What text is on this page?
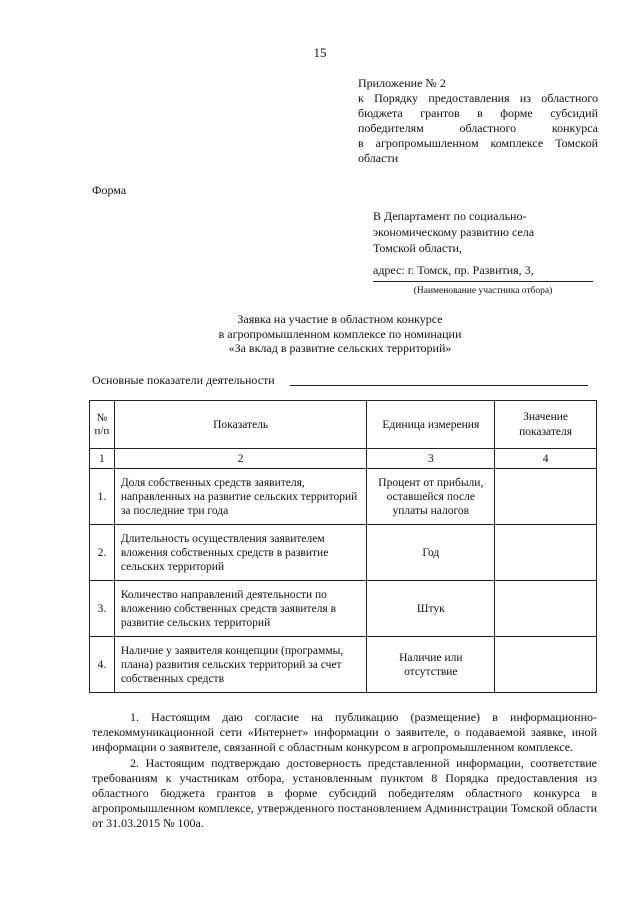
15
Приложение № 2
к Порядку предоставления из областного
бюджета грантов в форме субсидий
победителям областного конкурса
в агропромышленном комплексе Томской
области
Форма
В Департамент по социально-
экономическому развитию села
Томской области,
адрес: г. Томск, пр. Развития, 3,
(Наименование участника отбора)
Заявка на участие в областном конкурсе
в агропромышленном комплексе по номинации
«За вклад в развитие сельских территорий»
Основные показатели деятельности
№
п/п	Показатель	Единица измерения	Значение
показателя
1	2	3	4
1.	Доля собственных средств заявителя, направленных на развитие сельских территорий за последние три года	Процент от прибыли, оставшейся после уплаты налогов	
2.	Длительность осуществления заявителем вложения собственных средств в развитие сельских территорий	Год	
3.	Количество направлений деятельности по вложению собственных средств заявителя в развитие сельских территорий	Штук	
4.	Наличие у заявителя концепции (программы, плана) развития сельских территорий за счет собственных средств	Наличие или отсутствие	

1. Настоящим даю согласие на публикацию (размещение) в информационно-телекоммуникационной сети «Интернет» информации о заявителе, о подаваемой заявке, иной информации о заявителе, связанной с областным конкурсом в агропромышленном комплексе.

2. Настоящим подтверждаю достоверность представленной информации, соответствие требованиям к участникам отбора, установленным пунктом 8 Порядка предоставления из областного бюджета грантов в форме субсидий победителям областного конкурса в агропромышленном комплексе, утвержденного постановлением Администрации Томской области от 31.03.2015 № 100а.
